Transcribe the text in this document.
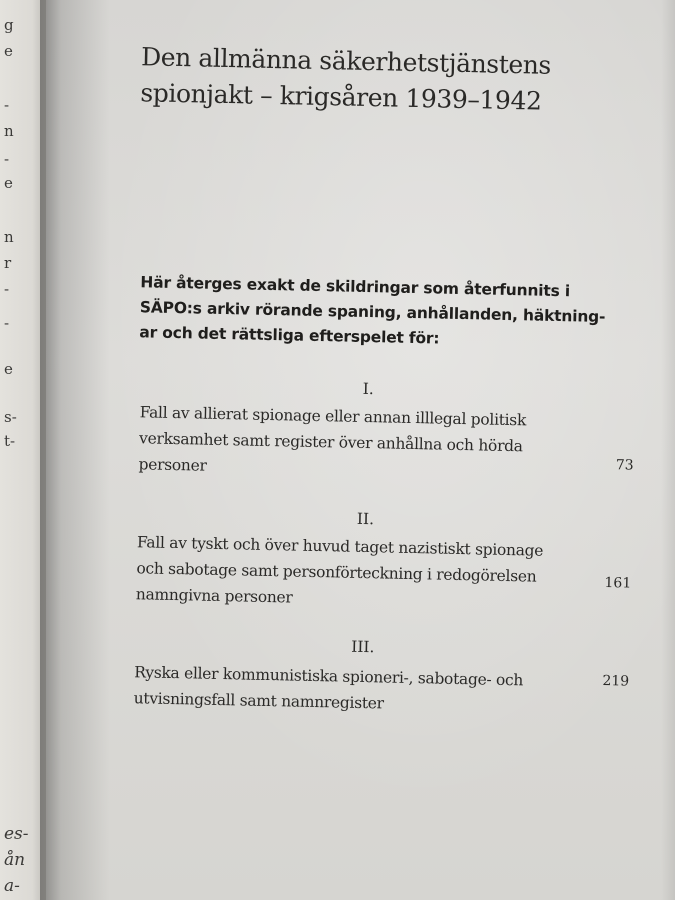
g
e
-
n
-
e
n
r
-
-
e
s-
t-
es-
ån
a-
Den allmänna säkerhetstjänstens
spionjakt – krigsåren 1939–1942
Här återges exakt de skildringar som återfunnits i
SÄPO:s arkiv rörande spaning, anhållanden, häktning-
ar och det rättsliga efterspelet för:
I.
Fall av allierat spionage eller annan illlegal politisk
verksamhet samt register över anhållna och hörda
personer	73
II.
Fall av tyskt och över huvud taget nazistiskt spionage
och sabotage samt personförteckning i redogörelsen
namngivna personer
161
III.
Ryska eller kommunistiska spioneri-, sabotage- och
utvisningsfall samt namnregister
219
